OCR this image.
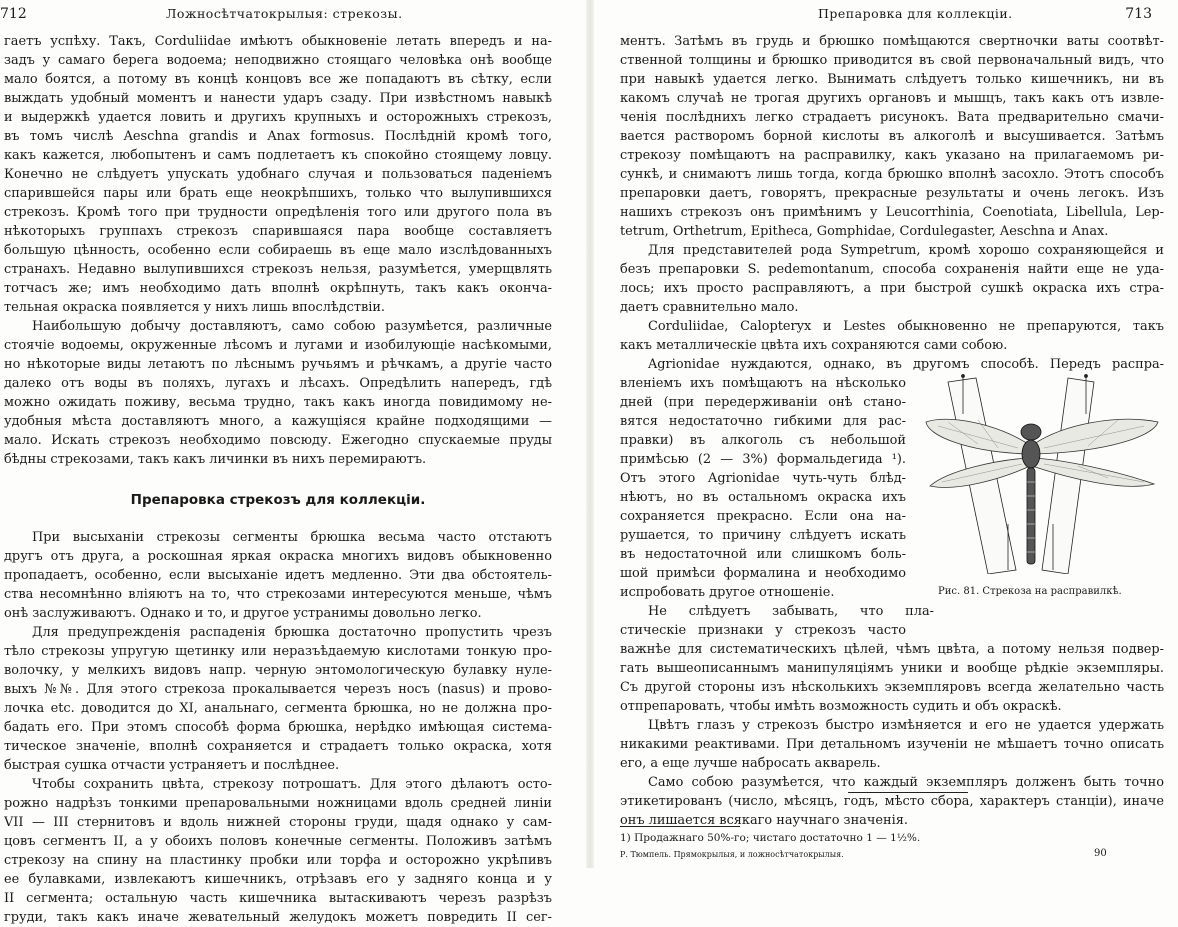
712	Ложносѣтчатокрылыя: стрекозы.
гаетъ успѣху. Такъ, Corduliidae имѣютъ обыкновеніе летать впередъ и на-
задъ у самаго берега водоема; неподвижно стоящаго человѣка онѣ вообще
мало боятся, а потому въ концѣ концовъ все же попадаютъ въ сѣтку, если
выждать удобный моментъ и нанести ударъ сзаду. При извѣстномъ навыкѣ
и выдержкѣ удается ловить и другихъ крупныхъ и осторожныхъ стрекозъ,
въ томъ числѣ Aeschna grandis и Anax formosus. Послѣдній кромѣ того,
какъ кажется, любопытенъ и самъ подлетаетъ къ спокойно стоящему ловцу.
Конечно не слѣдуетъ упускать удобнаго случая и пользоваться паденіемъ
спарившейся пары или брать еще неокрѣпшихъ, только что вылупившихся
стрекозъ. Кромѣ того при трудности опредѣленія того или другого пола въ
нѣкоторыхъ группахъ стрекозъ спарившаяся пара вообще составляетъ
большую цѣнность, особенно если собираешь въ еще мало изслѣдованныхъ
странахъ. Недавно вылупившихся стрекозъ нельзя, разумѣется, умерщвлять
тотчасъ же; имъ необходимо дать вполнѣ окрѣпнуть, такъ какъ оконча-
тельная окраска появляется у нихъ лишь впослѣдствіи.
Наибольшую добычу доставляютъ, само собою разумѣется, различные
стоячіе водоемы, окруженные лѣсомъ и лугами и изобилующіе насѣкомыми,
но нѣкоторые виды летаютъ по лѣснымъ ручьямъ и рѣчкамъ, а другіе часто
далеко отъ воды въ поляхъ, лугахъ и лѣсахъ. Опредѣлить напередъ, гдѣ
можно ожидать поживу, весьма трудно, такъ какъ иногда повидимому не-
удобныя мѣста доставляютъ много, а кажущіяся крайне подходящими —
мало. Искать стрекозъ необходимо повсюду. Ежегодно спускаемые пруды
бѣдны стрекозами, такъ какъ личинки въ нихъ перемираютъ.
Препаровка стрекозъ для коллекціи.
При высыханіи стрекозы сегменты брюшка весьма часто отстаютъ
другъ отъ друга, а роскошная яркая окраска многихъ видовъ обыкновенно
пропадаетъ, особенно, если высыханіе идетъ медленно. Эти два обстоятель-
ства несомнѣнно вліяютъ на то, что стрекозами интересуются меньше, чѣмъ
онѣ заслуживаютъ. Однако и то, и другое устранимы довольно легко.
Для предупрежденія распаденія брюшка достаточно пропустить чрезъ
тѣло стрекозы упругую щетинку или неразъѣдаемую кислотами тонкую про-
волочку, у мелкихъ видовъ напр. черную энтомологическую булавку нуле-
выхъ №№. Для этого стрекоза прокалывается черезъ носъ (nasus) и прово-
лочка etc. доводится до XI, анальнаго, сегмента брюшка, но не должна про-
бадать его. При этомъ способѣ форма брюшка, нерѣдко имѣющая система-
тическое значеніе, вполнѣ сохраняется и страдаетъ только окраска, хотя
быстрая сушка отчасти устраняетъ и послѣднее.
Чтобы сохранить цвѣта, стрекозу потрошатъ. Для этого дѣлаютъ осто-
рожно надрѣзъ тонкими препаровальными ножницами вдоль средней линіи
VII — III стернитовъ и вдоль нижней стороны груди, щадя однако у сам-
цовъ сегментъ II, а у обоихъ половъ конечные сегменты. Положивъ затѣмъ
стрекозу на спину на пластинку пробки или торфа и осторожно укрѣпивъ
ее булавками, извлекаютъ кишечникъ, отрѣзавъ его у задняго конца и у
II сегмента; остальную часть кишечника вытаскиваютъ черезъ разрѣзъ
груди, такъ какъ иначе жевательный желудокъ можетъ повредить II сег-
Препаровка для коллекціи.	713
ментъ. Затѣмъ въ грудь и брюшко помѣщаются свертночки ваты соотвѣт-
ственной толщины и брюшко приводится въ свой первоначальный видъ, что
при навыкѣ удается легко. Вынимать слѣдуетъ только кишечникъ, ни въ
какомъ случаѣ не трогая другихъ органовъ и мышцъ, такъ какъ отъ извле-
ченія послѣднихъ легко страдаетъ рисунокъ. Вата предварительно смачи-
вается растворомъ борной кислоты въ алкоголѣ и высушивается. Затѣмъ
стрекозу помѣщаютъ на расправилку, какъ указано на прилагаемомъ ри-
сункѣ, и снимаютъ лишь тогда, когда брюшко вполнѣ засохло. Этотъ способъ
препаровки даетъ, говорятъ, прекрасные результаты и очень легокъ. Изъ
нашихъ стрекозъ онъ примѣнимъ у Leucorrhinia, Coenotiata, Libellula, Lep-
tetrum, Orthetrum, Epitheca, Gomphidae, Cordulegaster, Aeschna и Anax.
Для представителей рода Sympetrum, кромѣ хорошо сохраняющейся и
безъ препаровки S. pedemontanum, способа сохраненія найти еще не уда-
лось; ихъ просто расправляютъ, а при быстрой сушкѣ окраска ихъ стра-
даетъ сравнительно мало.
Corduliidae, Calopteryx и Lestes обыкновенно не препаруются, такъ
какъ металлическіе цвѣта ихъ сохраняются сами собою.
Agrionidae нуждаются, однако, въ другомъ способѣ. Передъ распра-
вленіемъ ихъ помѣщаютъ на нѣсколько
дней (при передерживаніи онѣ стано-
вятся недостаточно гибкими для рас-
правки) въ алкоголь съ небольшой
примѣсью (2 — 3%) формальдегида ¹).
Отъ этого Agrionidae чуть-чуть блѣд-
нѣютъ, но въ остальномъ окраска ихъ
сохраняется прекрасно. Если она на-
рушается, то причину слѣдуетъ искать
въ недостаточной или слишкомъ боль-
шой примѣси формалина и необходимо
испробовать другое отношеніе.	Рис. 81. Стрекоза на расправилкѣ.
Не слѣдуетъ забывать, что пла-
стическіе признаки у стрекозъ часто
важнѣе для систематическихъ цѣлей, чѣмъ цвѣта, а потому нельзя подвер-
гать вышеописаннымъ манипуляціямъ уники и вообще рѣдкіе экземпляры.
Съ другой стороны изъ нѣсколькихъ экземпляровъ всегда желательно часть
отпрепаровать, чтобы имѣть возможность судить и объ окраскѣ.
Цвѣтъ глазъ у стрекозъ быстро измѣняется и его не удается удержать
никакими реактивами. При детальномъ изученіи не мѣшаетъ точно описать
его, а еще лучше набросать акварель.
Само собою разумѣется, что каждый экземпляръ долженъ быть точно
этикетированъ (число, мѣсяцъ, годъ, мѣсто сбора, характеръ станціи), иначе
онъ лишается всякаго научнаго значенія.
1) Продажнаго 50%-го; чистаго достаточно 1 — 1½%.
Р. Тюмпель. Прямокрылыя, и ложносѣтчатокрылыя.	90
